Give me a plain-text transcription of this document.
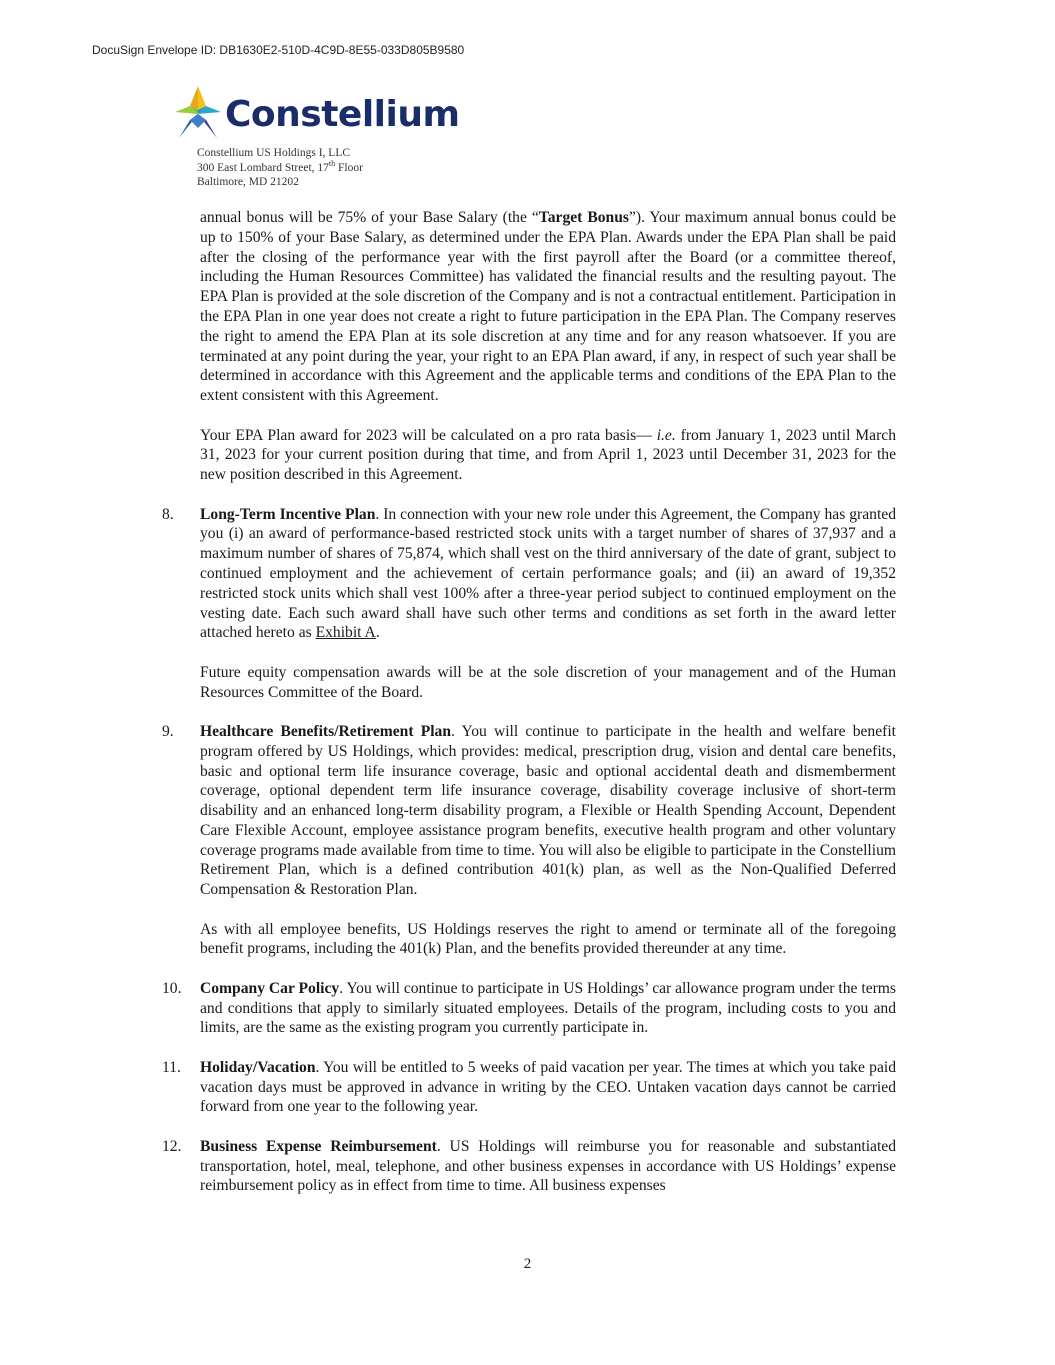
DocuSign Envelope ID: DB1630E2-510D-4C9D-8E55-033D805B9580
Constellium
Constellium US Holdings I, LLC
300 East Lombard Street, 17th Floor
Baltimore, MD 21202

annual bonus will be 75% of your Base Salary (the “Target Bonus”). Your maximum annual bonus could be up to 150% of your Base Salary, as determined under the EPA Plan. Awards under the EPA Plan shall be paid after the closing of the performance year with the first payroll after the Board (or a committee thereof, including the Human Resources Committee) has validated the financial results and the resulting payout. The EPA Plan is provided at the sole discretion of the Company and is not a contractual entitlement. Participation in the EPA Plan in one year does not create a right to future participation in the EPA Plan. The Company reserves the right to amend the EPA Plan at its sole discretion at any time and for any reason whatsoever. If you are terminated at any point during the year, your right to an EPA Plan award, if any, in respect of such year shall be determined in accordance with this Agreement and the applicable terms and conditions of the EPA Plan to the extent consistent with this Agreement.

Your EPA Plan award for 2023 will be calculated on a pro rata basis— i.e. from January 1, 2023 until March 31, 2023 for your current position during that time, and from April 1, 2023 until December 31, 2023 for the new position described in this Agreement.

8.	Long-Term Incentive Plan. In connection with your new role under this Agreement, the Company has granted you (i) an award of performance-based restricted stock units with a target number of shares of 37,937 and a maximum number of shares of 75,874, which shall vest on the third anniversary of the date of grant, subject to continued employment and the achievement of certain performance goals; and (ii) an award of 19,352 restricted stock units which shall vest 100% after a three-year period subject to continued employment on the vesting date. Each such award shall have such other terms and conditions as set forth in the award letter attached hereto as Exhibit A.

Future equity compensation awards will be at the sole discretion of your management and of the Human Resources Committee of the Board.

9.	Healthcare Benefits/Retirement Plan. You will continue to participate in the health and welfare benefit program offered by US Holdings, which provides: medical, prescription drug, vision and dental care benefits, basic and optional term life insurance coverage, basic and optional accidental death and dismemberment coverage, optional dependent term life insurance coverage, disability coverage inclusive of short-term disability and an enhanced long-term disability program, a Flexible or Health Spending Account, Dependent Care Flexible Account, employee assistance program benefits, executive health program and other voluntary coverage programs made available from time to time. You will also be eligible to participate in the Constellium Retirement Plan, which is a defined contribution 401(k) plan, as well as the Non-Qualified Deferred Compensation & Restoration Plan.

As with all employee benefits, US Holdings reserves the right to amend or terminate all of the foregoing benefit programs, including the 401(k) Plan, and the benefits provided thereunder at any time.

10.	Company Car Policy. You will continue to participate in US Holdings’ car allowance program under the terms and conditions that apply to similarly situated employees. Details of the program, including costs to you and limits, are the same as the existing program you currently participate in.

11.	Holiday/Vacation. You will be entitled to 5 weeks of paid vacation per year. The times at which you take paid vacation days must be approved in advance in writing by the CEO. Untaken vacation days cannot be carried forward from one year to the following year.

12.	Business Expense Reimbursement. US Holdings will reimburse you for reasonable and substantiated transportation, hotel, meal, telephone, and other business expenses in accordance with US Holdings’ expense reimbursement policy as in effect from time to time. All business expenses

2
